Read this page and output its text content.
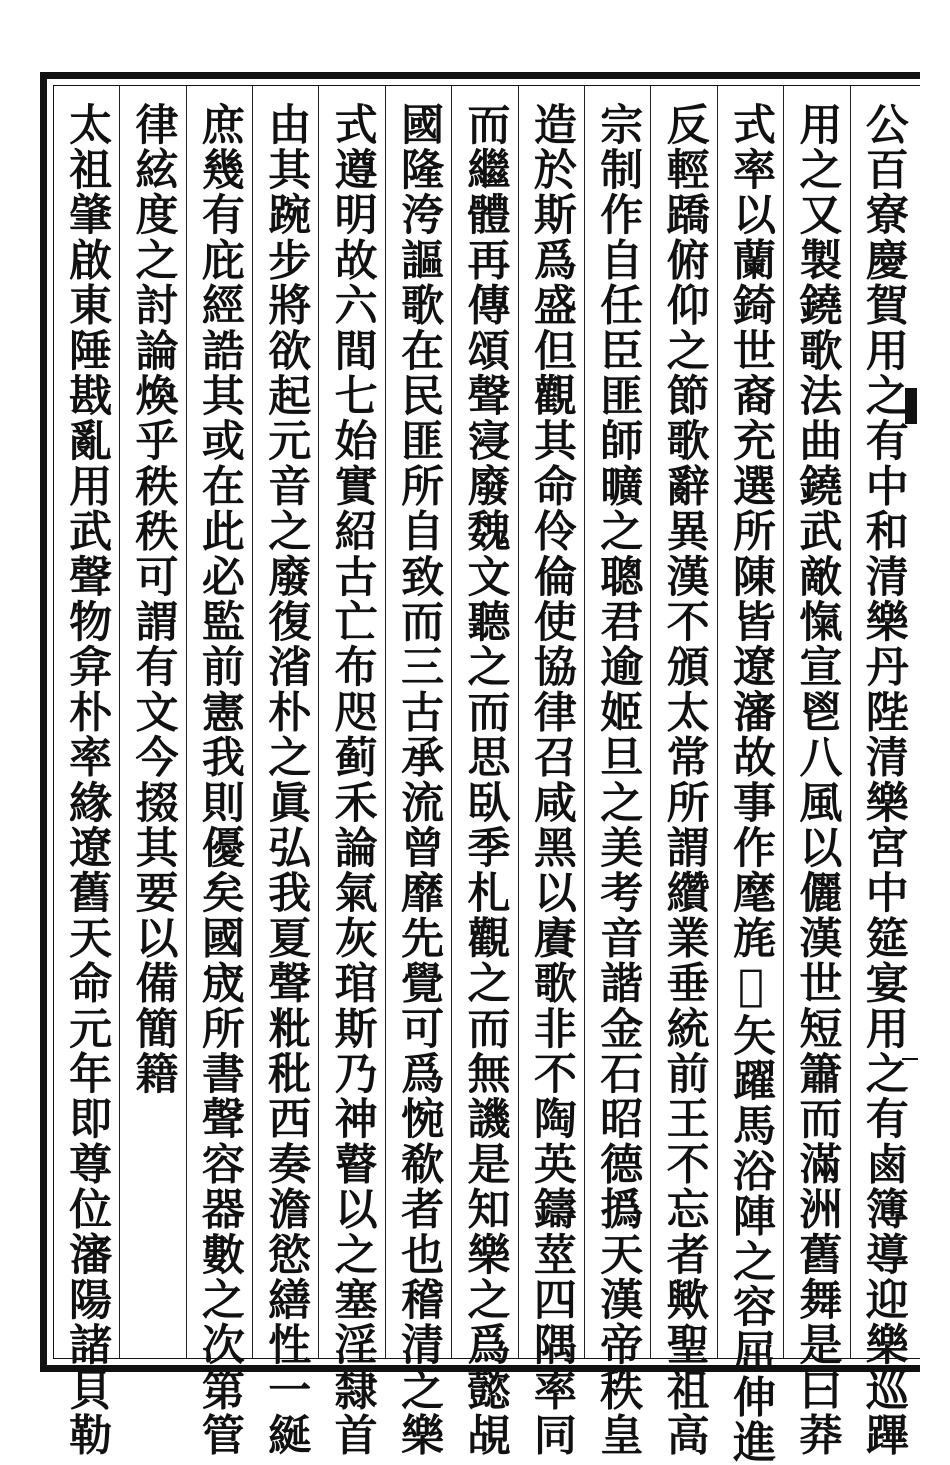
公百寮慶賀用之有中和清樂丹陛清樂宮中筵宴用之有鹵簿導迎樂巡蹕
用之又製鐃歌法曲鐃武敵愾宣鬯八風以儷漢世短簫而滿洲舊舞是曰莽
式率以蘭錡世裔充選所陳皆遼瀋故事作麾旄𢏛矢躍馬浴陣之容屈伸進
反輕蹻俯仰之節歌辭異漢不頒太常所謂纘業垂統前王不忘者歟聖祖高
宗制作自任臣匪師曠之聰君逾姬旦之美考音諧金石昭德撝天漢帝秩皇
造於斯爲盛但觀其命伶倫使協律召咸黑以賡歌非不陶英鑄莖四隅率同
而繼體再傳頌聲寖廢魏文聽之而思臥季札觀之而無譏是知樂之爲懿覘
國隆洿謳歌在民匪所自致而三古承流曾靡先覺可爲惋欷者也稽清之樂
式遵明故六間七始實紹古亡布咫蓟禾論氣灰琯斯乃神瞽以之塞淫隸首
由其踠步將欲起元音之廢復渻朴之眞弘我夏聲粃秕西奏澹慾繕性一綖
庶幾有庇經誥其或在此必監前憲我則優矣國宬所書聲容器數之次第管
律絃度之討論煥乎秩秩可謂有文今掇其要以備簡籍
太祖肇啟東陲戡亂用武聲物弇朴率緣遼舊天命元年即尊位瀋陽諸貝勒
